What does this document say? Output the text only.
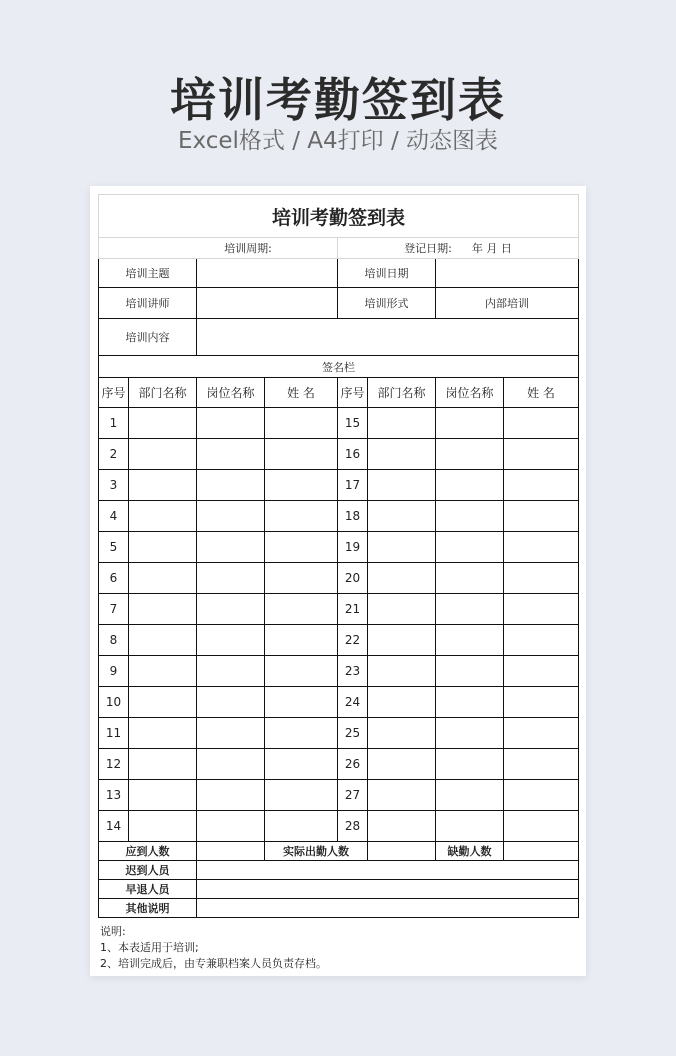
培训考勤签到表
Excel格式 / A4打印 / 动态图表
培训考勤签到表							
培训周期:				登记日期: 年 月 日			
培训主题				培训日期			
培训讲师				培训形式		内部培训	
培训内容							
签名栏							
序号	部门名称	岗位名称	姓 名	序号	部门名称	岗位名称	姓 名
1				15			
2				16			
3				17			
4				18			
5				19			
6				20			
7				21			
8				22			
9				23			
10				24			
11				25			
12				26			
13				27			
14				28			
应到人数			实际出勤人数			缺勤人数	
迟到人员							
早退人员							
其他说明							
说明:
1、本表适用于培训;
2、培训完成后，由专兼职档案人员负责存档。
